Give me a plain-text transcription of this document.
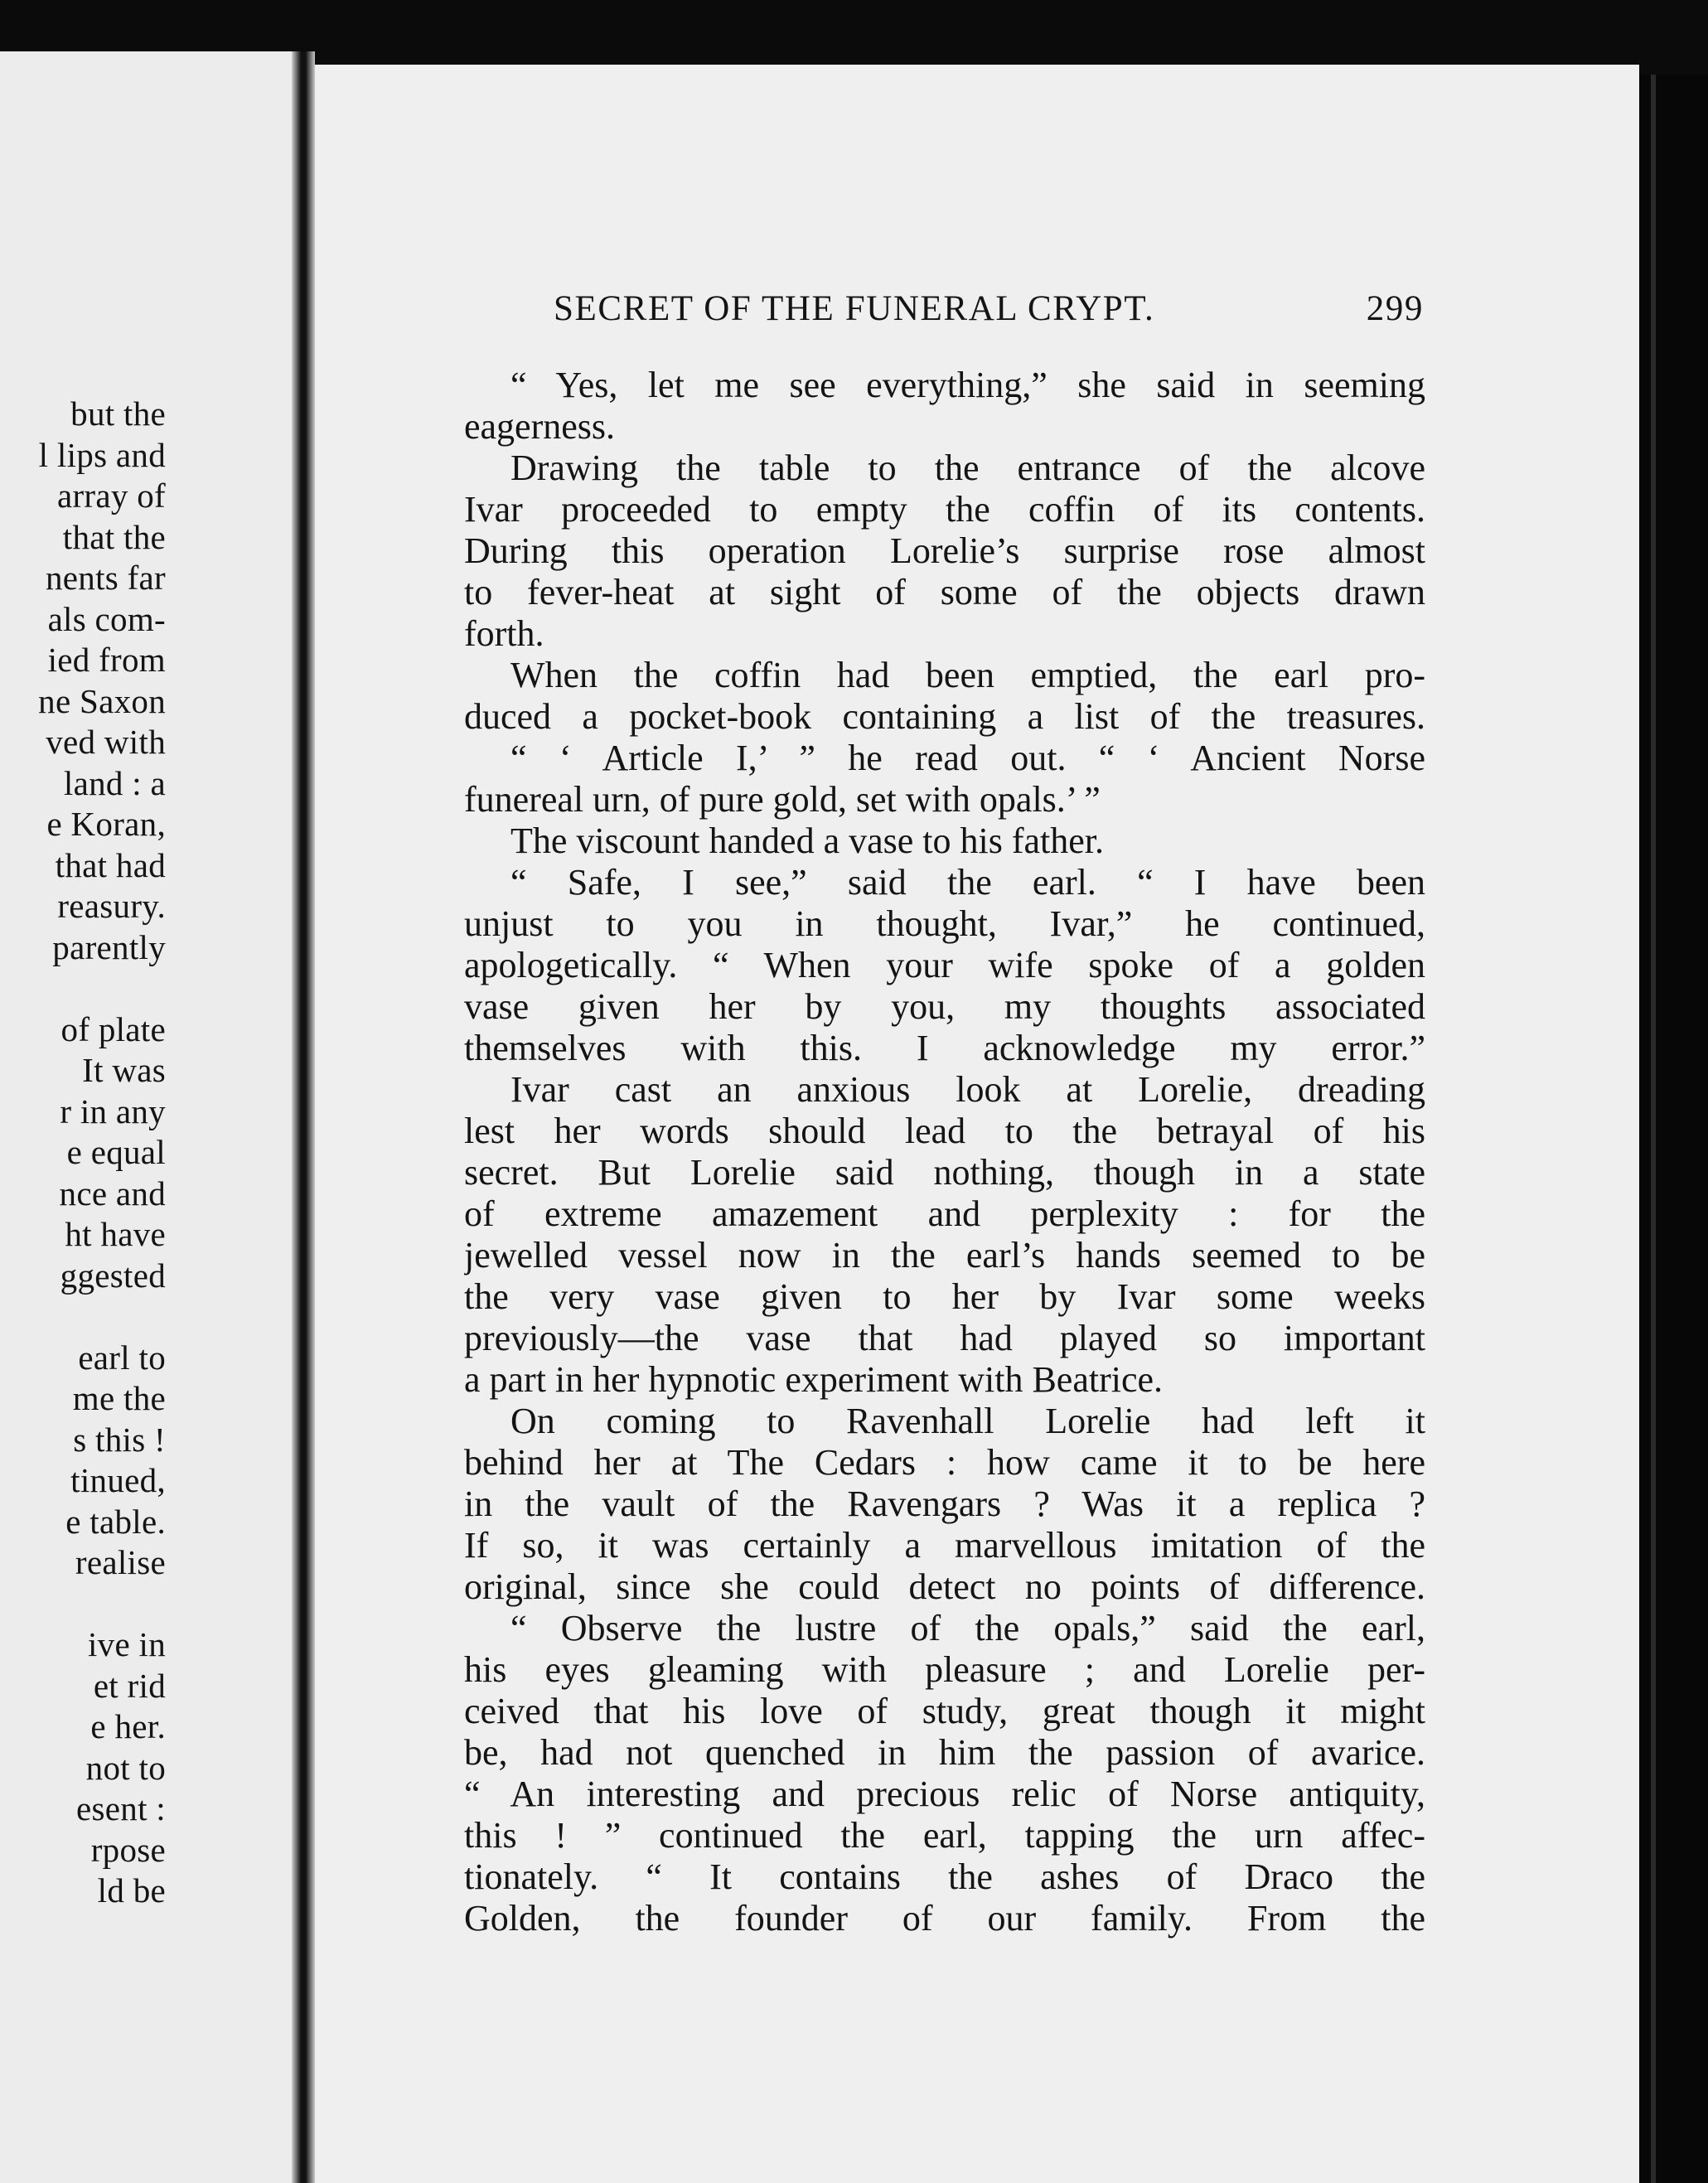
but the
l lips and
array of
that the
nents far
als com-
ied from
ne Saxon
ved with
land : a
e Koran,
that had
reasury.
parently
of plate
It was
r in any
e equal
nce and
ht have
ggested
earl to
me the
s this !
tinued,
e table.
realise
ive in
et rid
e her.
not to
esent :
rpose
ld be
SECRET OF THE FUNERAL CRYPT.	299
“ Yes, let me see everything,” she said in seeming
eagerness.
Drawing the table to the entrance of the alcove
Ivar proceeded to empty the coffin of its contents.
During this operation Lorelie’s surprise rose almost
to fever-heat at sight of some of the objects drawn
forth.
When the coffin had been emptied, the earl pro-
duced a pocket-book containing a list of the treasures.
“ ‘ Article I,’ ” he read out. “ ‘ Ancient Norse
funereal urn, of pure gold, set with opals.’ ”
The viscount handed a vase to his father.
“ Safe, I see,” said the earl. “ I have been
unjust to you in thought, Ivar,” he continued,
apologetically. “ When your wife spoke of a golden
vase given her by you, my thoughts associated
themselves with this. I acknowledge my error.”
Ivar cast an anxious look at Lorelie, dreading
lest her words should lead to the betrayal of his
secret. But Lorelie said nothing, though in a state
of extreme amazement and perplexity : for the
jewelled vessel now in the earl’s hands seemed to be
the very vase given to her by Ivar some weeks
previously—the vase that had played so important
a part in her hypnotic experiment with Beatrice.
On coming to Ravenhall Lorelie had left it
behind her at The Cedars : how came it to be here
in the vault of the Ravengars ? Was it a replica ?
If so, it was certainly a marvellous imitation of the
original, since she could detect no points of difference.
“ Observe the lustre of the opals,” said the earl,
his eyes gleaming with pleasure ; and Lorelie per-
ceived that his love of study, great though it might
be, had not quenched in him the passion of avarice.
“ An interesting and precious relic of Norse antiquity,
this ! ” continued the earl, tapping the urn affec-
tionately. “ It contains the ashes of Draco the
Golden, the founder of our family. From the
